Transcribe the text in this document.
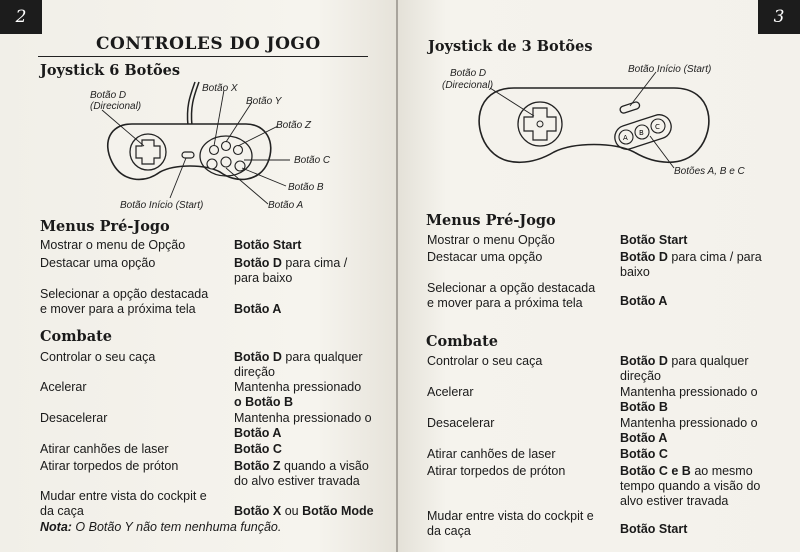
2
CONTROLES DO JOGO
Joystick 6 Botões
Botão D
(Direcional)
Botão X
Botão Y
Botão Z
Botão C
Botão B
Botão A
Botão Início (Start)
Menus Pré-Jogo
Mostrar o menu de Opção	Botão Start
Destacar uma opção	Botão D para cima /
para baixo
Selecionar a opção destacada
e mover para a próxima tela	Botão A
Combate
Controlar o seu caça	Botão D para qualquer
direção
Acelerar	Mantenha pressionado
o Botão B
Desacelerar	Mantenha pressionado o
Botão A
Atirar canhões de laser	Botão C
Atirar torpedos de próton	Botão Z quando a visão
do alvo estiver travada
Mudar entre vista do cockpit e
da caça	Botão X ou Botão Mode
Nota: O Botão Y não tem nenhuma função.
3
Joystick de 3 Botões
A
B
C
Botão D
(Direcional)
Botão Início (Start)
Botões A, B e C
Menus Pré-Jogo
Mostrar o menu Opção	Botão Start
Destacar uma opção	Botão D para cima / para
baixo
Selecionar a opção destacada
e mover para a próxima tela	Botão A
Combate
Controlar o seu caça	Botão D para qualquer
direção
Acelerar	Mantenha pressionado o
Botão B
Desacelerar	Mantenha pressionado o
Botão A
Atirar canhões de laser	Botão C
Atirar torpedos de próton	Botão C e B ao mesmo
tempo quando a visão do
alvo estiver travada
Mudar entre vista do cockpit e
da caça	Botão Start
